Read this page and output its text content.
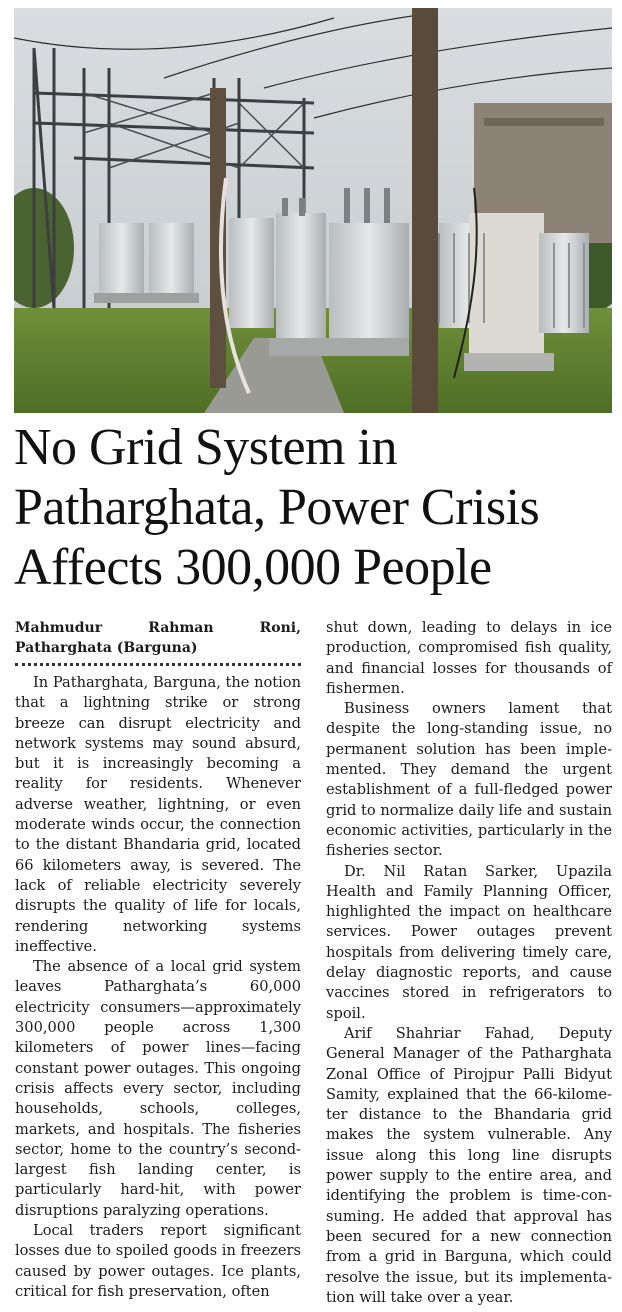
No Grid System in
Patharghata, Power Crisis
Affects 300,000 People
Mahmudur	Rahman	Roni,
Patharghata (Barguna)

In Patharghata, Barguna, the notion that a lightning strike or strong breeze can disrupt electricity and network systems may sound absurd, but it is increasingly becoming a reality for residents. Whenever adverse weather, lightning, or even moderate winds occur, the connection to the distant Bhandaria grid, located 66 kilometers away, is severed. The lack of reliable electricity severely disrupts the quality of life for locals, rendering networking systems ineffective.

The absence of a local grid system leaves Patharghata’s 60,000 electricity consumers—approximately 300,000 people across 1,300 kilometers of power lines—facing constant power outages. This ongoing crisis affects every sector, including households, schools, colleges, markets, and hospitals. The fisheries sector, home to the country’s second-largest fish landing center, is particularly hard-hit, with power disruptions paralyzing operations.

Local traders report significant losses due to spoiled goods in freezers caused by power outages. Ice plants, critical for fish preservation, often

shut down, leading to delays in ice production, compromised fish quality, and financial losses for thousands of fishermen.

Business owners lament that despite the long-standing issue, no permanent solution has been implemented. They demand the urgent establishment of a full-fledged power grid to normalize daily life and sustain economic activities, particularly in the fisheries sector.

Dr. Nil Ratan Sarker, Upazila Health and Family Planning Officer, highlighted the impact on healthcare services. Power outages prevent hospitals from delivering timely care, delay diagnostic reports, and cause vaccines stored in refrigerators to spoil.

Arif Shahriar Fahad, Deputy General Manager of the Patharghata Zonal Office of Pirojpur Palli Bidyut Samity, explained that the 66-kilometer distance to the Bhandaria grid makes the system vulnerable. Any issue along this long line disrupts power supply to the entire area, and identifying the problem is time-consuming. He added that approval has been secured for a new connection from a grid in Barguna, which could resolve the issue, but its implementation will take over a year.
